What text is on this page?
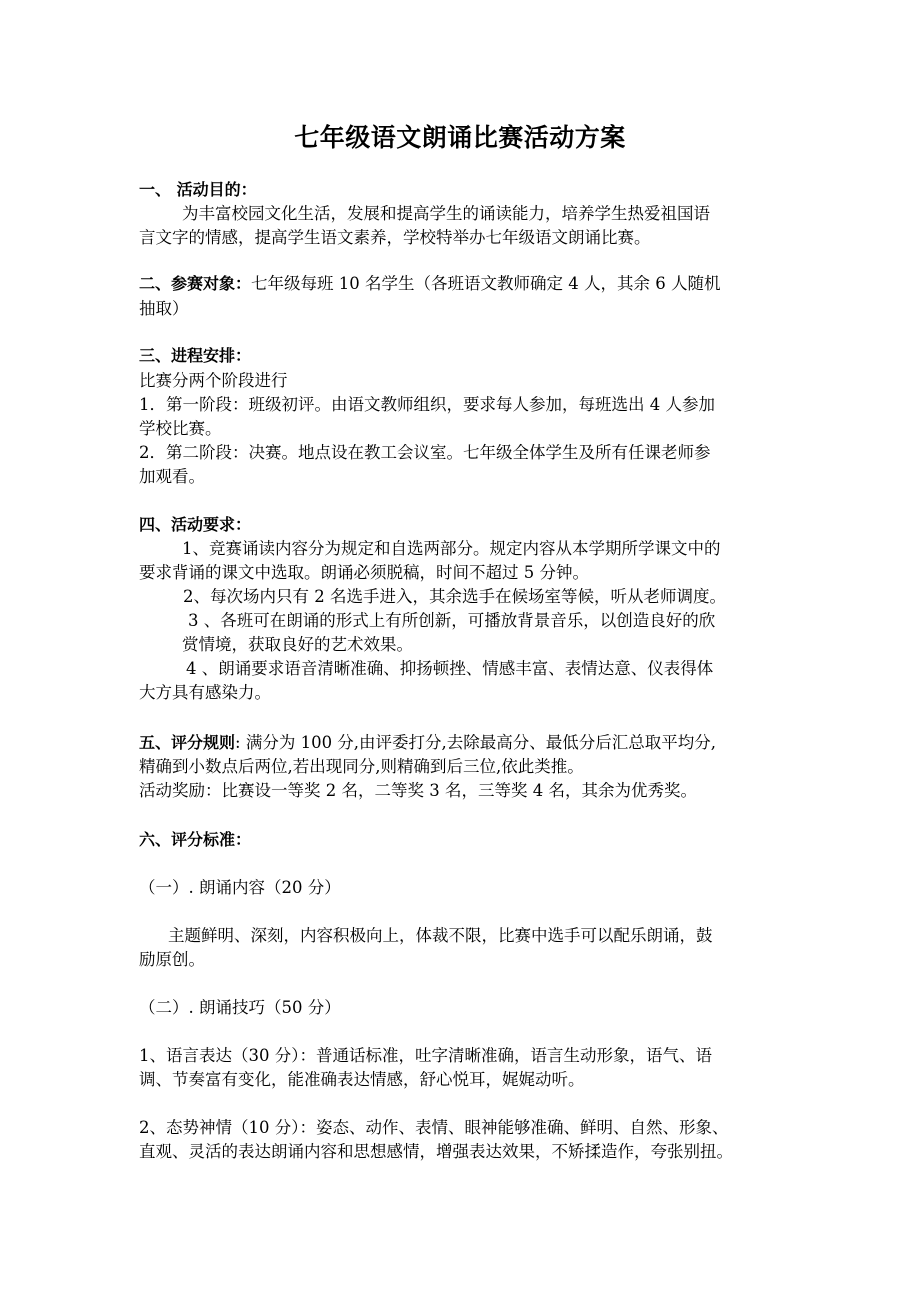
七年级语文朗诵比赛活动方案
一、 活动目的：
为丰富校园文化生活，发展和提高学生的诵读能力，培养学生热爱祖国语
言文字的情感，提高学生语文素养，学校特举办七年级语文朗诵比赛。
二、参赛对象：七年级每班 10 名学生（各班语文教师确定 4 人，其余 6 人随机
抽取）
三、进程安排：
比赛分两个阶段进行
1．第一阶段：班级初评。由语文教师组织，要求每人参加，每班选出 4 人参加
学校比赛。
2．第二阶段：决赛。地点设在教工会议室。七年级全体学生及所有任课老师参
加观看。
四、活动要求：
1、竞赛诵读内容分为规定和自选两部分。规定内容从本学期所学课文中的
要求背诵的课文中选取。朗诵必须脱稿，时间不超过 5 分钟。
2、每次场内只有 2 名选手进入，其余选手在候场室等候，听从老师调度。
3 、各班可在朗诵的形式上有所创新，可播放背景音乐，以创造良好的欣
赏情境，获取良好的艺术效果。
4 、朗诵要求语音清晰准确、抑扬顿挫、情感丰富、表情达意、仪表得体
大方具有感染力。
五、评分规则: 满分为 100 分,由评委打分,去除最高分、最低分后汇总取平均分,
精确到小数点后两位,若出现同分,则精确到后三位,依此类推。
活动奖励：比赛设一等奖 2 名，二等奖 3 名，三等奖 4 名，其余为优秀奖。
六、评分标准：
（一）. 朗诵内容（20 分）
主题鲜明、深刻，内容积极向上，体裁不限，比赛中选手可以配乐朗诵，鼓
励原创。
（二）. 朗诵技巧（50 分）
1、语言表达（30 分）：普通话标准，吐字清晰准确，语言生动形象，语气、语
调、节奏富有变化，能准确表达情感，舒心悦耳，娓娓动听。
2、态势神情（10 分）：姿态、动作、表情、眼神能够准确、鲜明、自然、形象、
直观、灵活的表达朗诵内容和思想感情，增强表达效果，不矫揉造作，夸张别扭。
